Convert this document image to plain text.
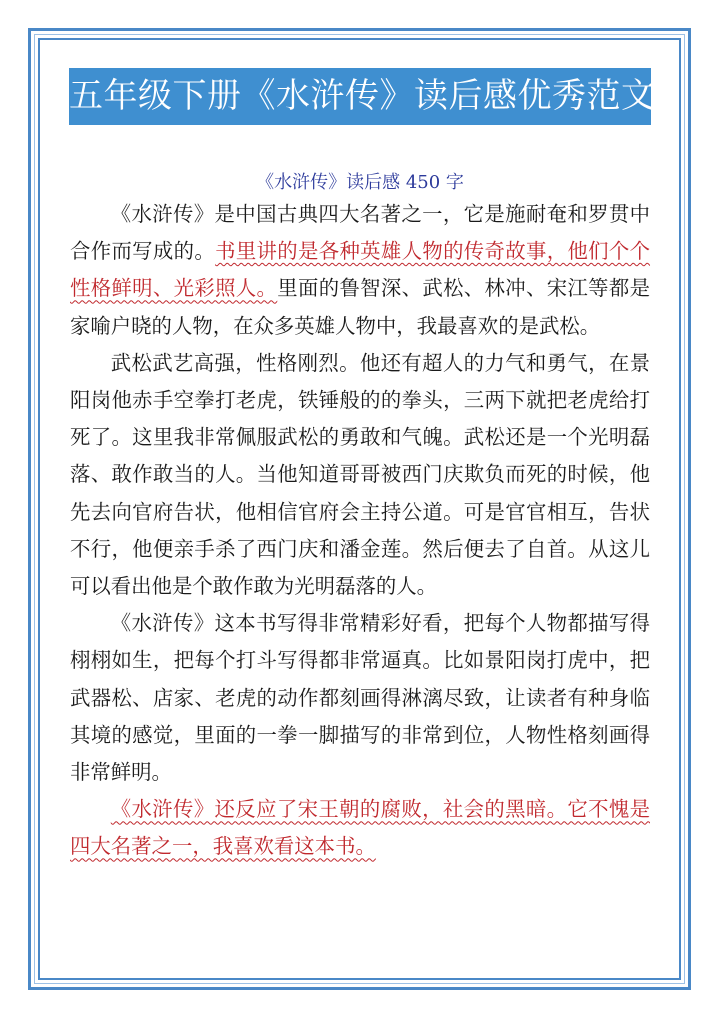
五年级下册《水浒传》读后感优秀范文
《水浒传》读后感 450 字

《水浒传》是中国古典四大名著之一，它是施耐奄和罗贯中合作而写成的。书里讲的是各种英雄人物的传奇故事，他们个个性格鲜明、光彩照人。里面的鲁智深、武松、林冲、宋江等都是家喻户晓的人物，在众多英雄人物中，我最喜欢的是武松。

武松武艺高强，性格刚烈。他还有超人的力气和勇气，在景阳岗他赤手空拳打老虎，铁锤般的的拳头，三两下就把老虎给打死了。这里我非常佩服武松的勇敢和气魄。武松还是一个光明磊落、敢作敢当的人。当他知道哥哥被西门庆欺负而死的时候，他先去向官府告状，他相信官府会主持公道。可是官官相互，告状不行，他便亲手杀了西门庆和潘金莲。然后便去了自首。从这儿可以看出他是个敢作敢为光明磊落的人。

《水浒传》这本书写得非常精彩好看，把每个人物都描写得栩栩如生，把每个打斗写得都非常逼真。比如景阳岗打虎中，把武器松、店家、老虎的动作都刻画得淋漓尽致，让读者有种身临其境的感觉，里面的一拳一脚描写的非常到位，人物性格刻画得非常鲜明。

《水浒传》还反应了宋王朝的腐败，社会的黑暗。它不愧是四大名著之一，我喜欢看这本书。
